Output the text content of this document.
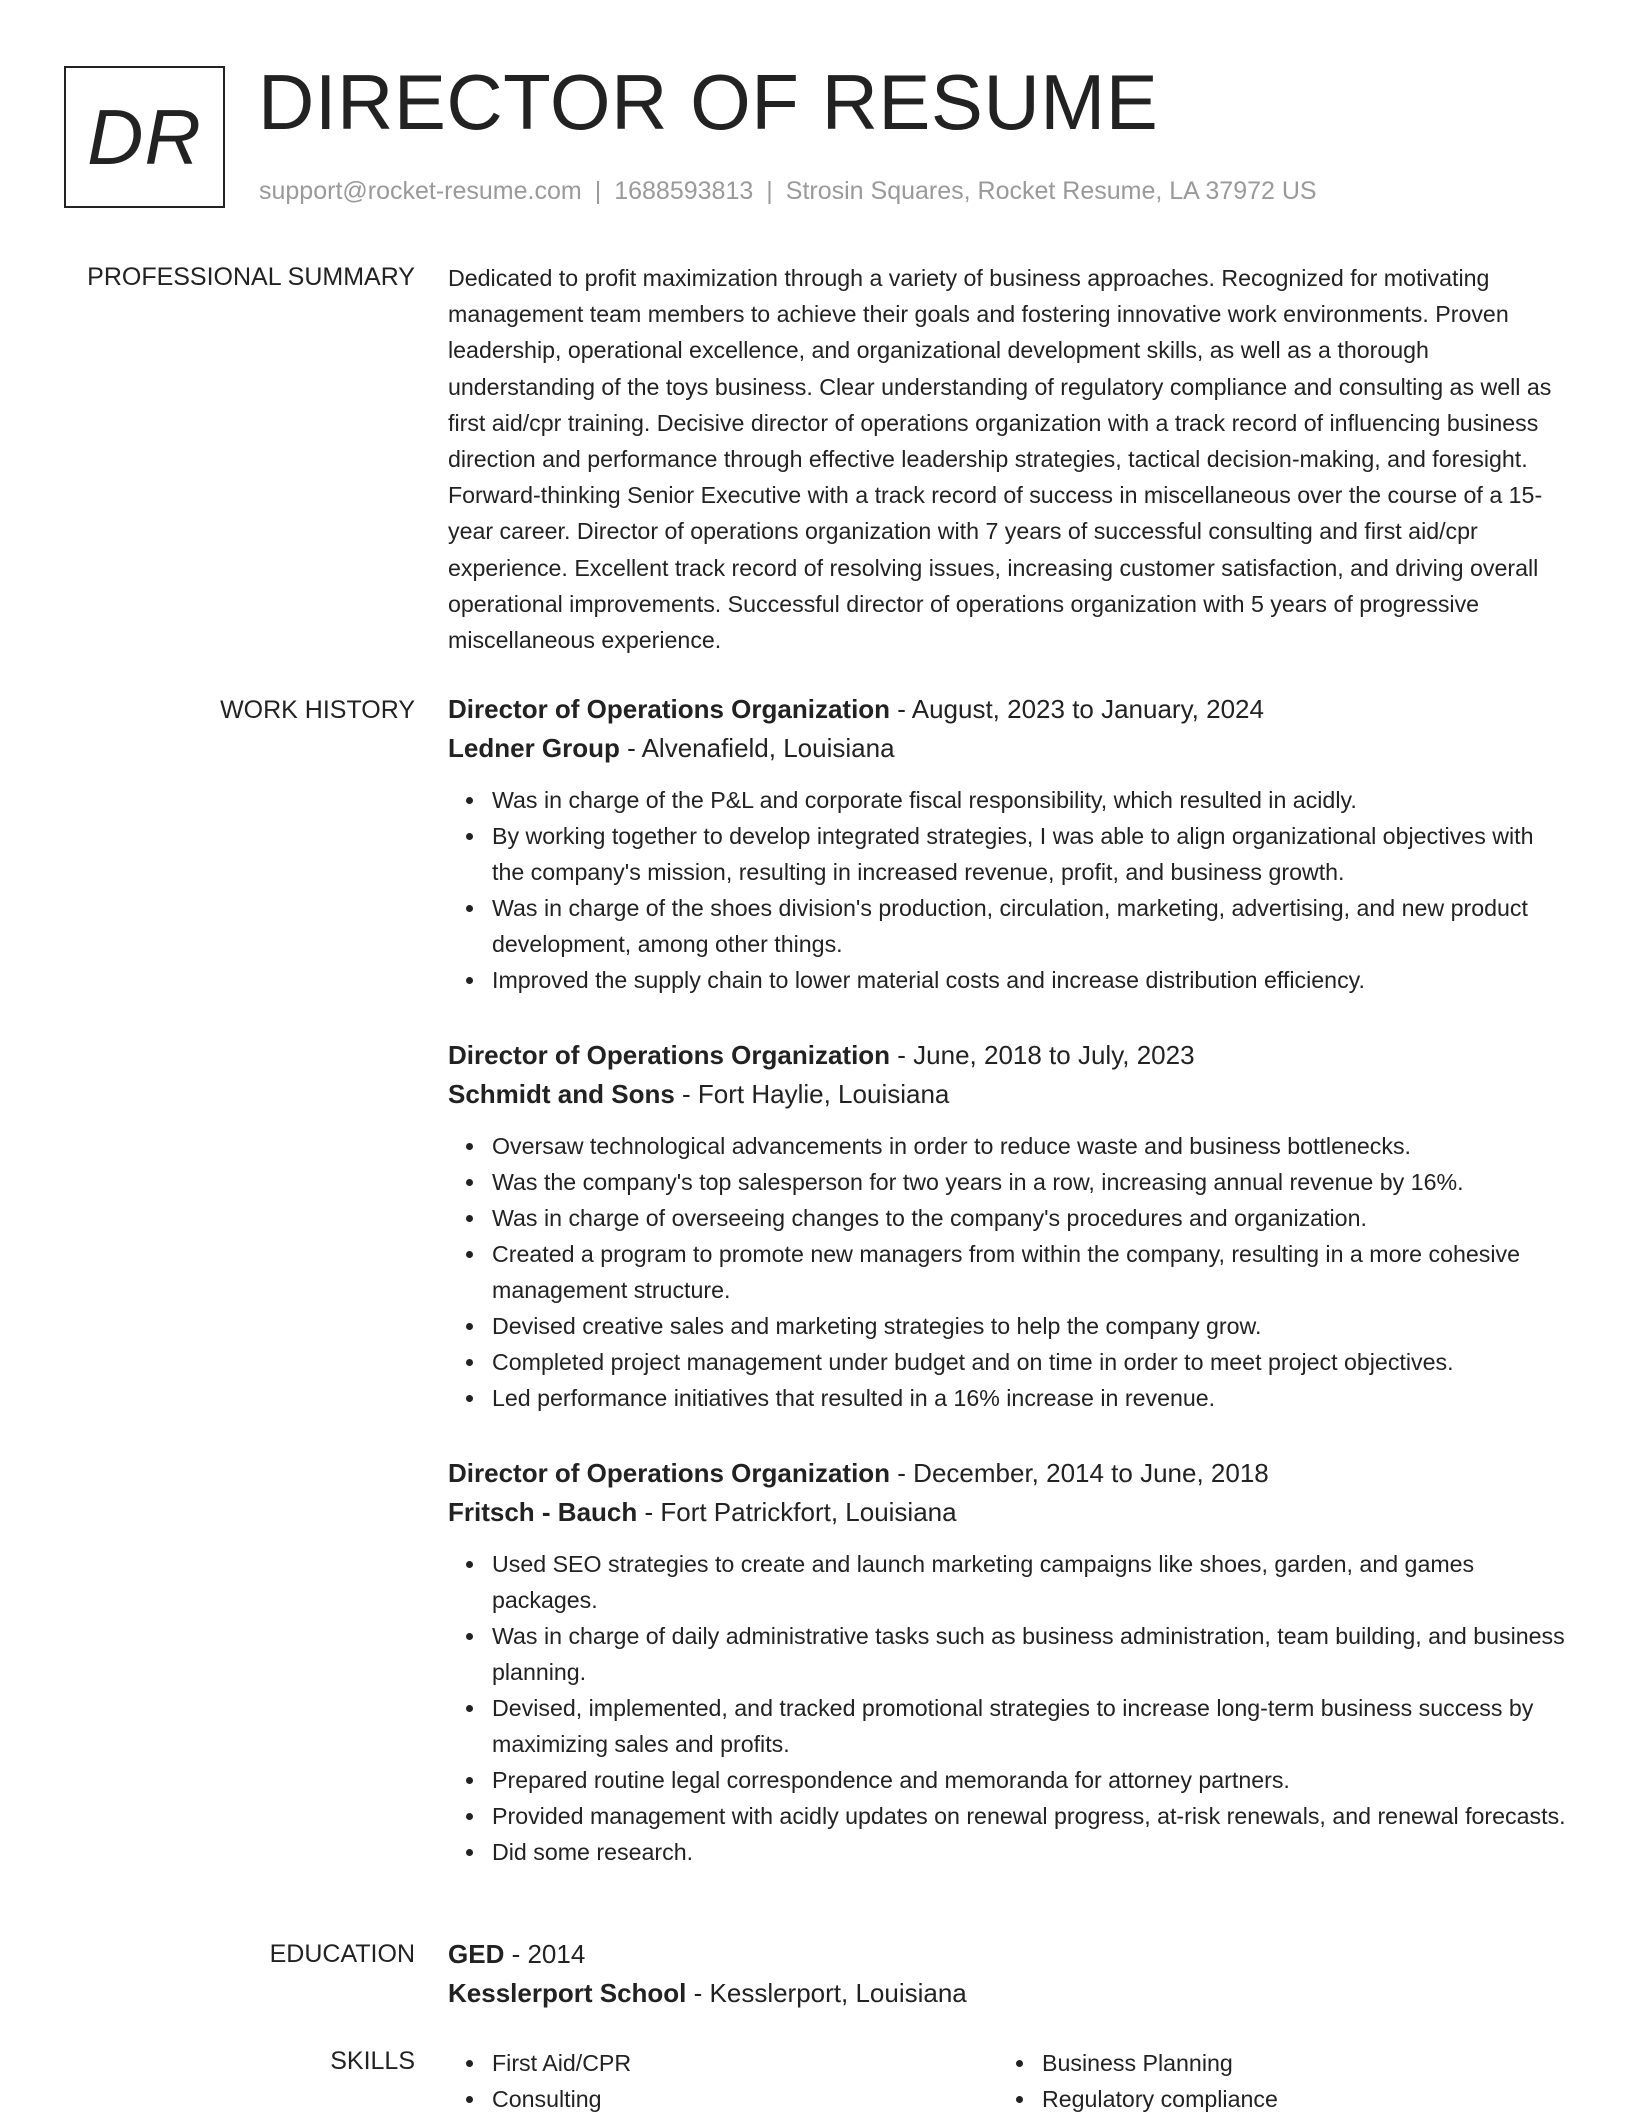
DR DIRECTOR OF RESUME
support@rocket-resume.com | 1688593813 | Strosin Squares, Rocket Resume, LA 37972 US
PROFESSIONAL SUMMARY Dedicated to profit maximization through a variety of business approaches. Recognized for motivating management team members to achieve their goals and fostering innovative work environments. Proven leadership, operational excellence, and organizational development skills, as well as a thorough understanding of the toys business. Clear understanding of regulatory compliance and consulting as well as first aid/cpr training. Decisive director of operations organization with a track record of influencing business direction and performance through effective leadership strategies, tactical decision-making, and foresight. Forward-thinking Senior Executive with a track record of success in miscellaneous over the course of a 15-year career. Director of operations organization with 7 years of successful consulting and first aid/cpr experience. Excellent track record of resolving issues, increasing customer satisfaction, and driving overall operational improvements. Successful director of operations organization with 5 years of progressive miscellaneous experience.

WORK HISTORY Director of Operations Organization - August, 2023 to January, 2024
Ledner Group - Alvenafield, Louisiana
Was in charge of the P&L and corporate fiscal responsibility, which resulted in acidly.
By working together to develop integrated strategies, I was able to align organizational objectives with the company's mission, resulting in increased revenue, profit, and business growth.
Was in charge of the shoes division's production, circulation, marketing, advertising, and new product development, among other things.
Improved the supply chain to lower material costs and increase distribution efficiency.
Director of Operations Organization - June, 2018 to July, 2023
Schmidt and Sons - Fort Haylie, Louisiana
Oversaw technological advancements in order to reduce waste and business bottlenecks.
Was the company's top salesperson for two years in a row, increasing annual revenue by 16%.
Was in charge of overseeing changes to the company's procedures and organization.
Created a program to promote new managers from within the company, resulting in a more cohesive management structure.
Devised creative sales and marketing strategies to help the company grow.
Completed project management under budget and on time in order to meet project objectives.
Led performance initiatives that resulted in a 16% increase in revenue.
Director of Operations Organization - December, 2014 to June, 2018
Fritsch - Bauch - Fort Patrickfort, Louisiana
Used SEO strategies to create and launch marketing campaigns like shoes, garden, and games packages.
Was in charge of daily administrative tasks such as business administration, team building, and business planning.
Devised, implemented, and tracked promotional strategies to increase long-term business success by maximizing sales and profits.
Prepared routine legal correspondence and memoranda for attorney partners.
Provided management with acidly updates on renewal progress, at-risk renewals, and renewal forecasts.
Did some research.
EDUCATION GED - 2014
Kesslerport School - Kesslerport, Louisiana
SKILLS	First Aid/CPR
Consulting
Business Planning
Regulatory compliance
